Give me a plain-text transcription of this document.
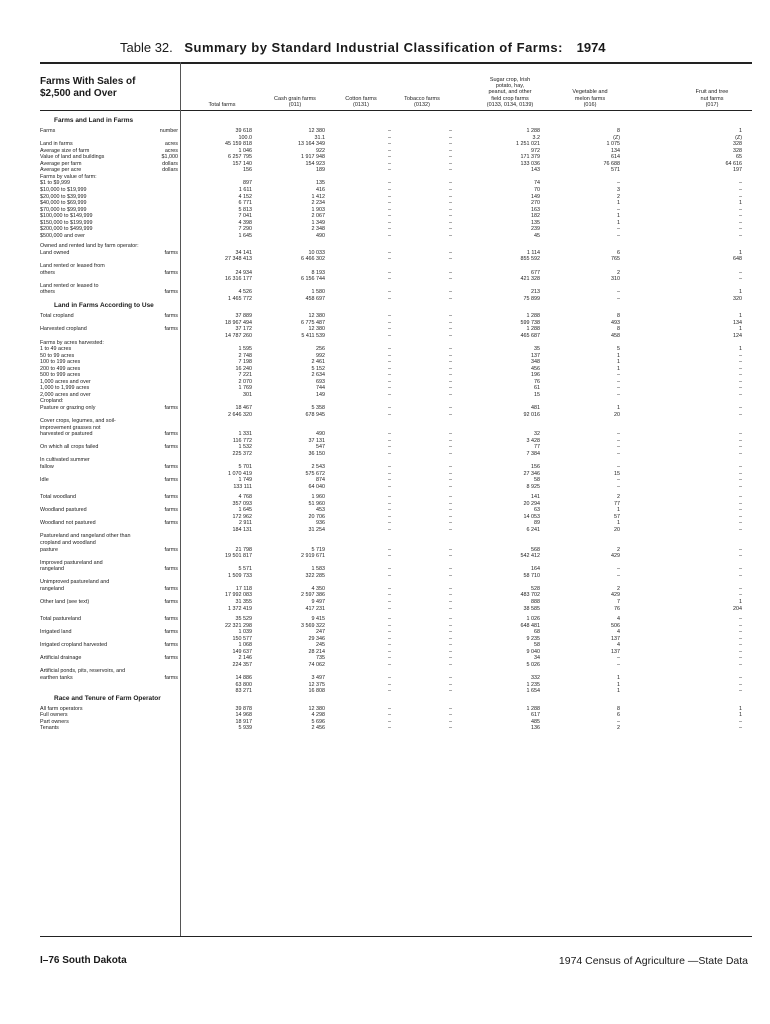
Table 32. Summary by Standard Industrial Classification of Farms: 1974
Farms With Sales of
$2,500 and Over
Total farms
Cash grain farms
(011)
Cotton farms
(0131)
Tobacco farms
(0132)
Sugar crop, Irish
potato, hay,
peanut, and other
field crop farms
(0133, 0134, 0139)
Vegetable and
melon farms
(016)
Fruit and tree
nut farms
(017)
Farms and Land in Farms
Farms	number	39 618	12 380	–	–	1 288	8	1
100.0	31.1	–	–	3.2	(Z)	(Z)
Land in farms	acres	45 159 818	13 164 349	–	–	1 251 021	1 075	328
Average size of farm	acres	1 046	922	–	–	972	134	328
Value of land and buildings	$1,000	6 257 795	1 917 948	–	–	171 379	614	65
Average per farm	dollars	157 140	154 923	–	–	133 036	76 688	64 616
Average per acre	dollars	156	189	–	–	143	571	197
Farms by value of farm:
$1 to $9,999	897	135	–	–	74	–	–
$10,000 to $19,999	1 611	416	–	–	70	3	–
$20,000 to $39,999	4 152	1 412	–	–	149	2	–
$40,000 to $69,999	6 771	2 234	–	–	270	1	1
$70,000 to $99,999	5 813	1 903	–	–	163	–	–
$100,000 to $149,999	7 041	2 067	–	–	182	1	–
$150,000 to $199,999	4 398	1 349	–	–	135	1	–
$200,000 to $499,999	7 290	2 348	–	–	239	–	–
$500,000 and over	1 645	490	–	–	45	–	–
Owned and rented land by farm operator:
Land owned	farms	34 141	10 033	–	–	1 114	6	1
27 348 413	6 466 302	–	–	855 592	765	648
Land rented or leased from
others	farms	24 934	8 193	–	–	677	2	–
16 316 177	6 156 744	–	–	421 328	310	–
Land rented or leased to
others	farms	4 526	1 580	–	–	213	–	1
1 465 772	458 697	–	–	75 899	–	320
Land in Farms According to Use
Total cropland	farms	37 889	12 380	–	–	1 288	8	1
18 967 494	6 775 487	–	–	599 738	493	134
Harvested cropland	farms	37 172	12 380	–	–	1 288	8	1
14 787 260	5 411 539	–	–	465 687	458	124
Farms by acres harvested:
1 to 49 acres	1 595	256	–	–	35	5	1
50 to 99 acres	2 748	992	–	–	137	1	–
100 to 199 acres	7 198	2 461	–	–	348	1	–
200 to 499 acres	16 240	5 152	–	–	456	1	–
500 to 999 acres	7 221	2 634	–	–	196	–	–
1,000 acres and over	2 070	693	–	–	76	–	–
1,000 to 1,999 acres	1 769	744	–	–	61	–	–
2,000 acres and over	301	149	–	–	15	–	–
Cropland:
Pasture or grazing only	farms	18 467	5 358	–	–	481	1	–
2 646 320	678 945	–	–	92 016	20	–
Cover crops, legumes, and soil-
improvement grasses not
harvested or pastured	farms	1 331	490	–	–	32	–	–
116 772	37 131	–	–	3 428	–	–
On which all crops failed	farms	1 532	547	–	–	77	–	–
225 372	36 150	–	–	7 384	–	–
In cultivated summer
fallow	farms	5 701	2 543	–	–	156	–	–
1 070 419	575 672	–	–	27 346	15	–
Idle	farms	1 749	874	–	–	58	–	–
133 111	64 040	–	–	8 925	–	–
Total woodland	farms	4 768	1 960	–	–	141	2	–
357 093	51 960	–	–	20 294	77	–
Woodland pastured	farms	1 645	453	–	–	63	1	–
172 962	20 706	–	–	14 053	57	–
Woodland not pastured	farms	2 911	936	–	–	89	1	–
184 131	31 254	–	–	6 241	20	–
Pastureland and rangeland other than
cropland and woodland
pasture	farms	21 798	5 719	–	–	568	2	–
19 501 817	2 919 671	–	–	542 412	429	–
Improved pastureland and
rangeland	farms	5 571	1 583	–	–	164	–	–
1 509 733	322 285	–	–	58 710	–	–
Unimproved pastureland and
rangeland	farms	17 118	4 350	–	–	528	2	–
17 992 083	2 597 386	–	–	483 702	429	–
Other land (see text)	farms	31 355	9 497	–	–	888	7	1
1 372 419	417 231	–	–	38 585	76	204
Total pastureland	farms	35 529	9 415	–	–	1 026	4	–
22 321 298	3 569 322	–	–	648 481	506	–
Irrigated land	farms	1 039	247	–	–	68	4	–
150 577	29 346	–	–	9 235	137	–
Irrigated cropland harvested	farms	1 068	245	–	–	58	4	–
149 637	28 214	–	–	9 040	137	–
Artificial drainage	farms	2 146	735	–	–	34	–	–
224 357	74 062	–	–	5 026	–	–
Artificial ponds, pits, reservoirs, and
earthen tanks	farms	14 886	3 497	–	–	332	1	–
63 800	12 375	–	–	1 235	1	–
83 271	16 808	–	–	1 654	1	–
Race and Tenure of Farm Operator
All farm operators	39 878	12 380	–	–	1 288	8	1
Full owners	14 968	4 298	–	–	617	6	1
Part owners	18 917	5 696	–	–	485	–	–
Tenants	5 939	2 456	–	–	136	2	–
I–76 South Dakota	1974 Census of Agriculture —State Data
